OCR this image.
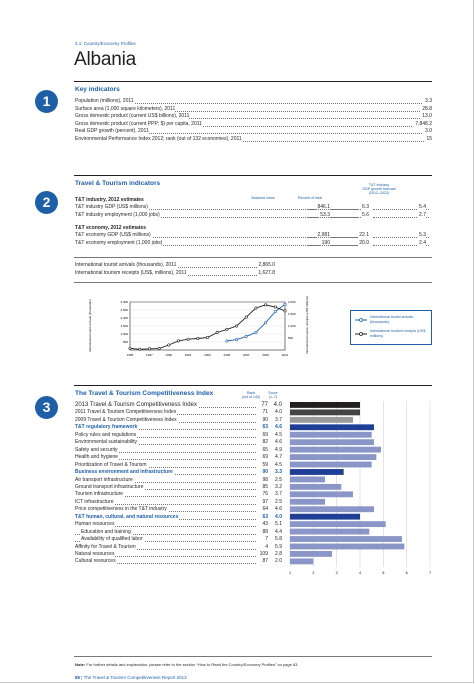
2.1: Country/Economy Profiles
Albania
1
Key indicators
Population (millions), 2011	3.3
Surface area (1,000 square kilometers), 2011	28.8
Gross domestic product (current US$ billions), 2011	13.0
Gross domestic product (current PPP; $) per capita, 2011	7,848.2
Real GDP growth (percent), 2011	3.0
Environmental Performance Index 2012; rank (out of 132 economies), 2011	15
2
Travel & Tourism indicators
Absolute value	Percent of total
T&T industry
GDP growth forecast
(2012–2022)
T&T industry, 2012 estimates
T&T industry GDP (US$ millions)	846.1	6.3	5.4
T&T industry employment (1,000 jobs)	53.3	5.6	2.7
T&T economy, 2012 estimates
T&T economy GDP (US$ millions)	2,981	22.1	5.3
T&T economy employment (1,000 jobs)	190	20.0	2.4
International tourist arrivals (thousands), 2011	2,865.0
International tourism receipts (US$, millions), 2011	1,627.8
500
1,000
1,500
2,000
2,500
3,000
500
1,000
1,500
2,000
1995	1997	1999	2001	2003	2005	2007	2009	2011
International tourist arrivals (thousands)	International tourism receipts (US$ millions)	International tourist arrivals (thousands)
International tourism receipts (US$ millions)
3
The Travel & Tourism Competitiveness Index	Rank
(out of 140)
Score
(1–7)
2013 Travel & Tourism Competitiveness Index	77 4.0
2011 Travel & Tourism Competitiveness Index	71	4.0
2009 Travel & Tourism Competitiveness Index	90	3.7
T&T regulatory framework	63	4.6
Policy rules and regulations	69	4.5
Environmental sustainability	82	4.6
Safety and security	65	4.9
Health and hygiene	69	4.7
Prioritization of Travel & Tourism	59	4.5
Business environment and infrastructure	90	3.3
Air transport infrastructure	98	2.5
Ground transport infrastructure	85	3.2
Tourism infrastructure	76	3.7
ICT infrastructure	97	2.5
Price competitiveness in the T&T industry	64	4.6
T&T human, cultural, and natural resources	63	4.0
Human resources	43	5.1
Education and training	88	4.4
Availability of qualified labor	7	5.8
Affinity for Travel & Tourism	4	5.9
Natural resources	109	2.8
Cultural resources	87	2.0
1	2	3	4	5	6	7
Note: For further details and explanation, please refer to the section “How to Read the Country/Economy Profiles” on page 83.
86 | The Travel & Tourism Competitiveness Report 2013
